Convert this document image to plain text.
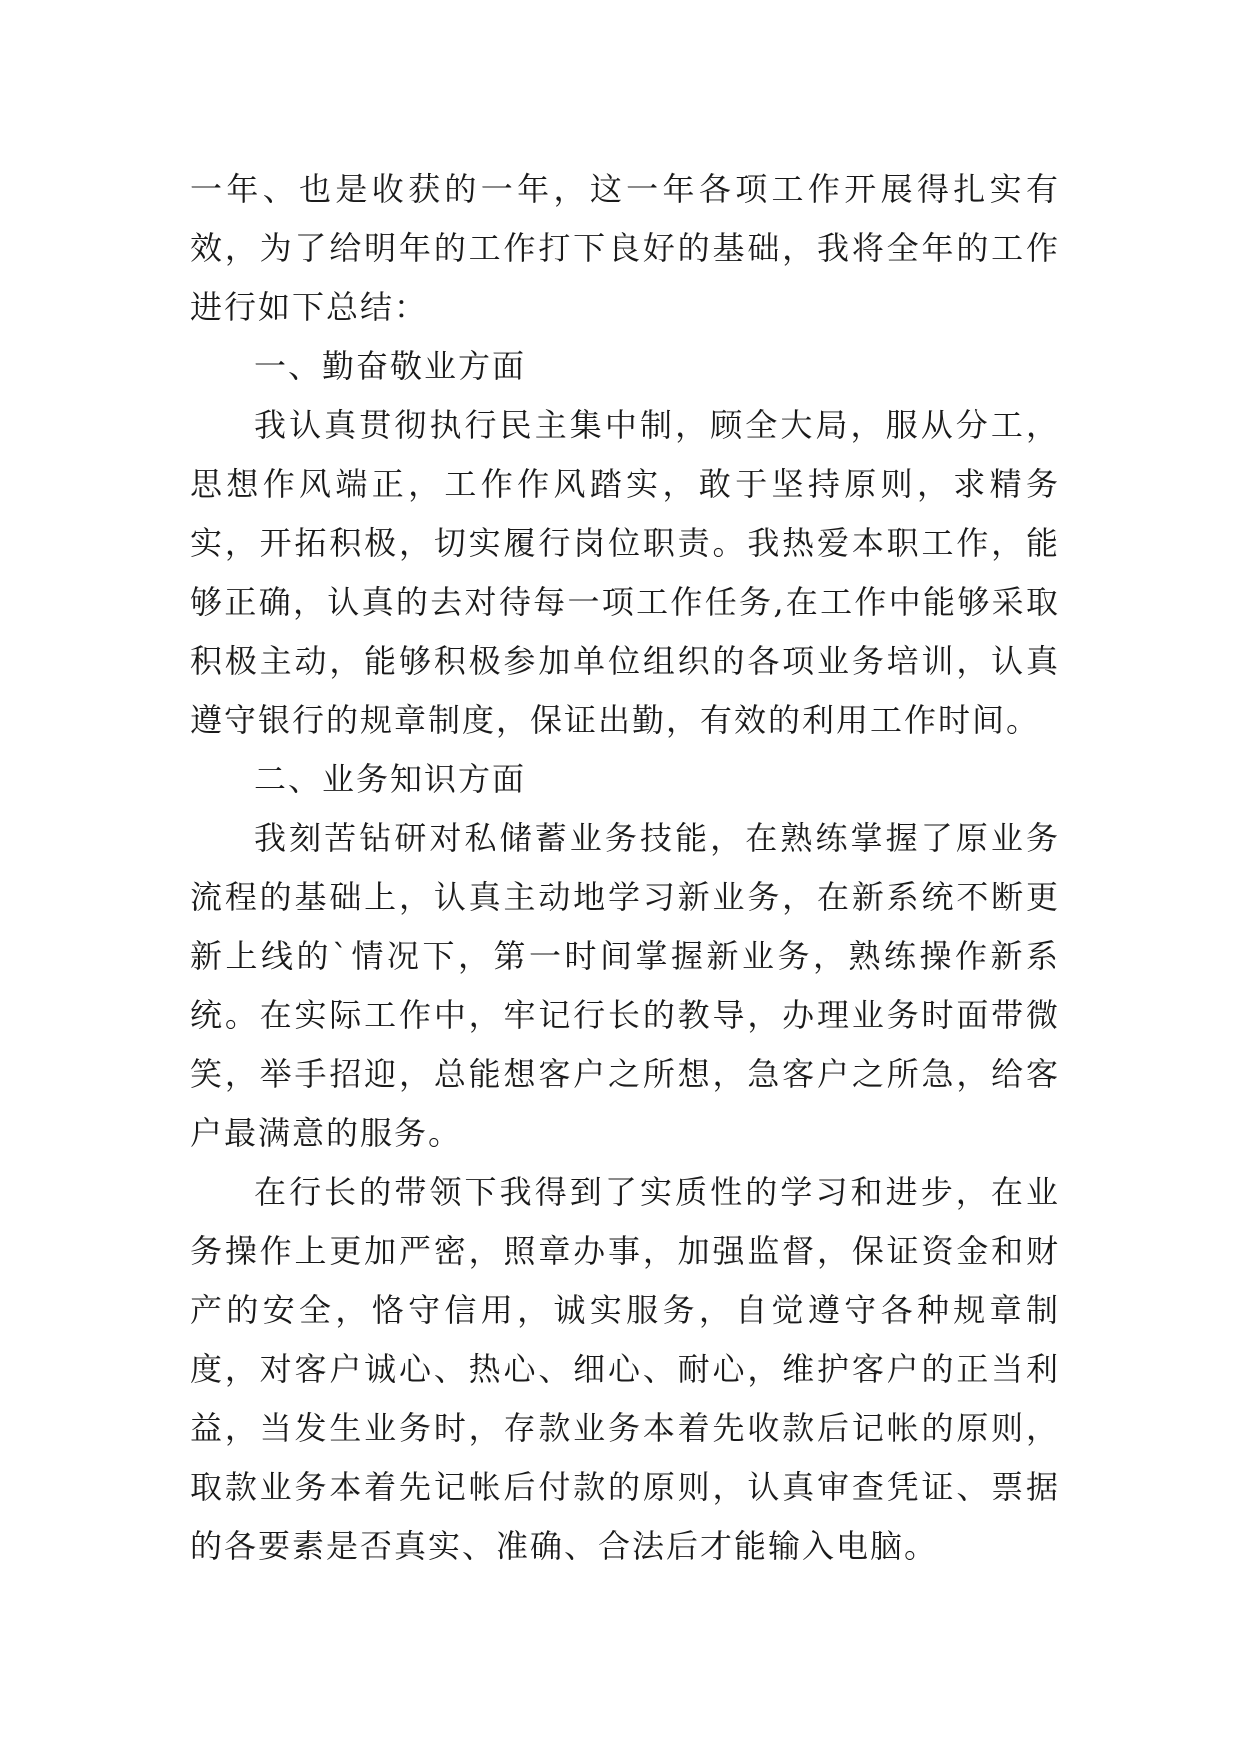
一年、也是收获的一年，这一年各项工作开展得扎实有效，为了给明年的工作打下良好的基础，我将全年的工作进行如下总结：

一、勤奋敬业方面

我认真贯彻执行民主集中制，顾全大局，服从分工，思想作风端正，工作作风踏实，敢于坚持原则，求精务实，开拓积极，切实履行岗位职责。我热爱本职工作，能够正确，认真的去对待每一项工作任务,在工作中能够采取积极主动，能够积极参加单位组织的各项业务培训，认真遵守银行的规章制度，保证出勤，有效的利用工作时间。

二、业务知识方面

我刻苦钻研对私储蓄业务技能，在熟练掌握了原业务流程的基础上，认真主动地学习新业务，在新系统不断更新上线的`情况下，第一时间掌握新业务，熟练操作新系统。在实际工作中，牢记行长的教导，办理业务时面带微笑，举手招迎，总能想客户之所想，急客户之所急，给客户最满意的服务。

在行长的带领下我得到了实质性的学习和进步，在业务操作上更加严密，照章办事，加强监督，保证资金和财产的安全，恪守信用，诚实服务，自觉遵守各种规章制度，对客户诚心、热心、细心、耐心，维护客户的正当利益，当发生业务时，存款业务本着先收款后记帐的原则，取款业务本着先记帐后付款的原则，认真审查凭证、票据的各要素是否真实、准确、合法后才能输入电脑。
